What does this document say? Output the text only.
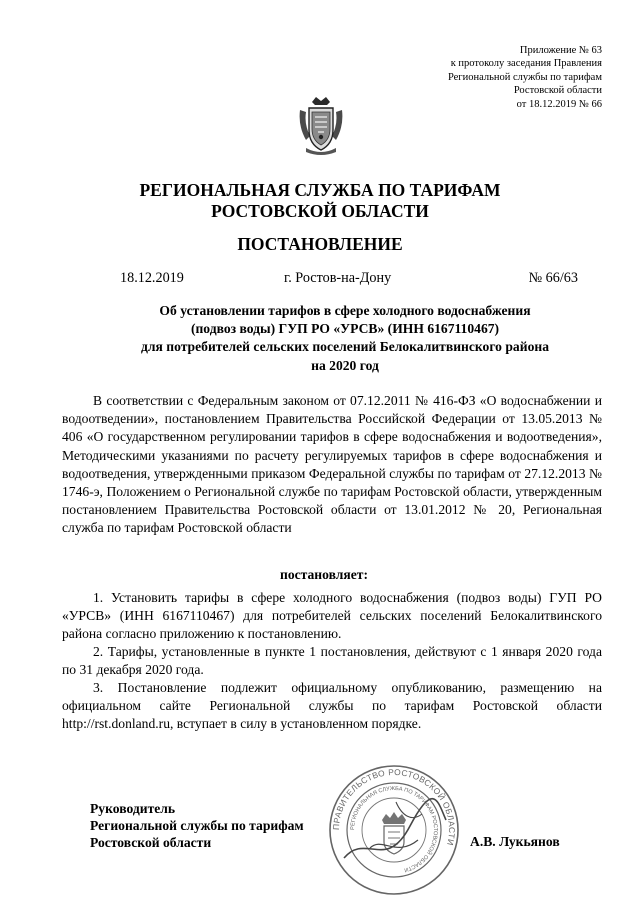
Приложение № 63
к протоколу заседания Правления
Региональной службы по тарифам
Ростовской области
от 18.12.2019 № 66
РЕГИОНАЛЬНАЯ СЛУЖБА ПО ТАРИФАМ
РОСТОВСКОЙ ОБЛАСТИ
ПОСТАНОВЛЕНИЕ
18.12.2019	г. Ростов-на-Дону	№ 66/63
Об установлении тарифов в сфере холодного водоснабжения
(подвоз воды) ГУП РО «УРСВ» (ИНН 6167110467)
для потребителей сельских поселений Белокалитвинского района
на 2020 год
В соответствии с Федеральным законом от 07.12.2011 № 416-ФЗ «О водоснабжении и водоотведении», постановлением Правительства Российской Федерации от 13.05.2013 № 406 «О государственном регулировании тарифов в сфере водоснабжения и водоотведения», Методическими указаниями по расчету регулируемых тарифов в сфере водоснабжения и водоотведения, утвержденными приказом Федеральной службы по тарифам от 27.12.2013 № 1746-э, Положением о Региональной службе по тарифам Ростовской области, утвержденным постановлением Правительства Ростовской области от 13.01.2012 № 20, Региональная служба по тарифам Ростовской области
постановляет:
1. Установить тарифы в сфере холодного водоснабжения (подвоз воды) ГУП РО «УРСВ» (ИНН 6167110467) для потребителей сельских поселений Белокалитвинского района согласно приложению к постановлению.
2. Тарифы, установленные в пункте 1 постановления, действуют с 1 января 2020 года по 31 декабря 2020 года.
3. Постановление подлежит официальному опубликованию, размещению на официальном сайте Региональной службы по тарифам Ростовской области http://rst.donland.ru, вступает в силу в установленном порядке.
ПРАВИТЕЛЬСТВО РОСТОВСКОЙ ОБЛАСТИ
РЕГИОНАЛЬНАЯ СЛУЖБА ПО ТАРИФАМ РОСТОВСКОЙ ОБЛАСТИ
Руководитель
Региональной службы по тарифам
Ростовской области	А.В. Лукьянов
